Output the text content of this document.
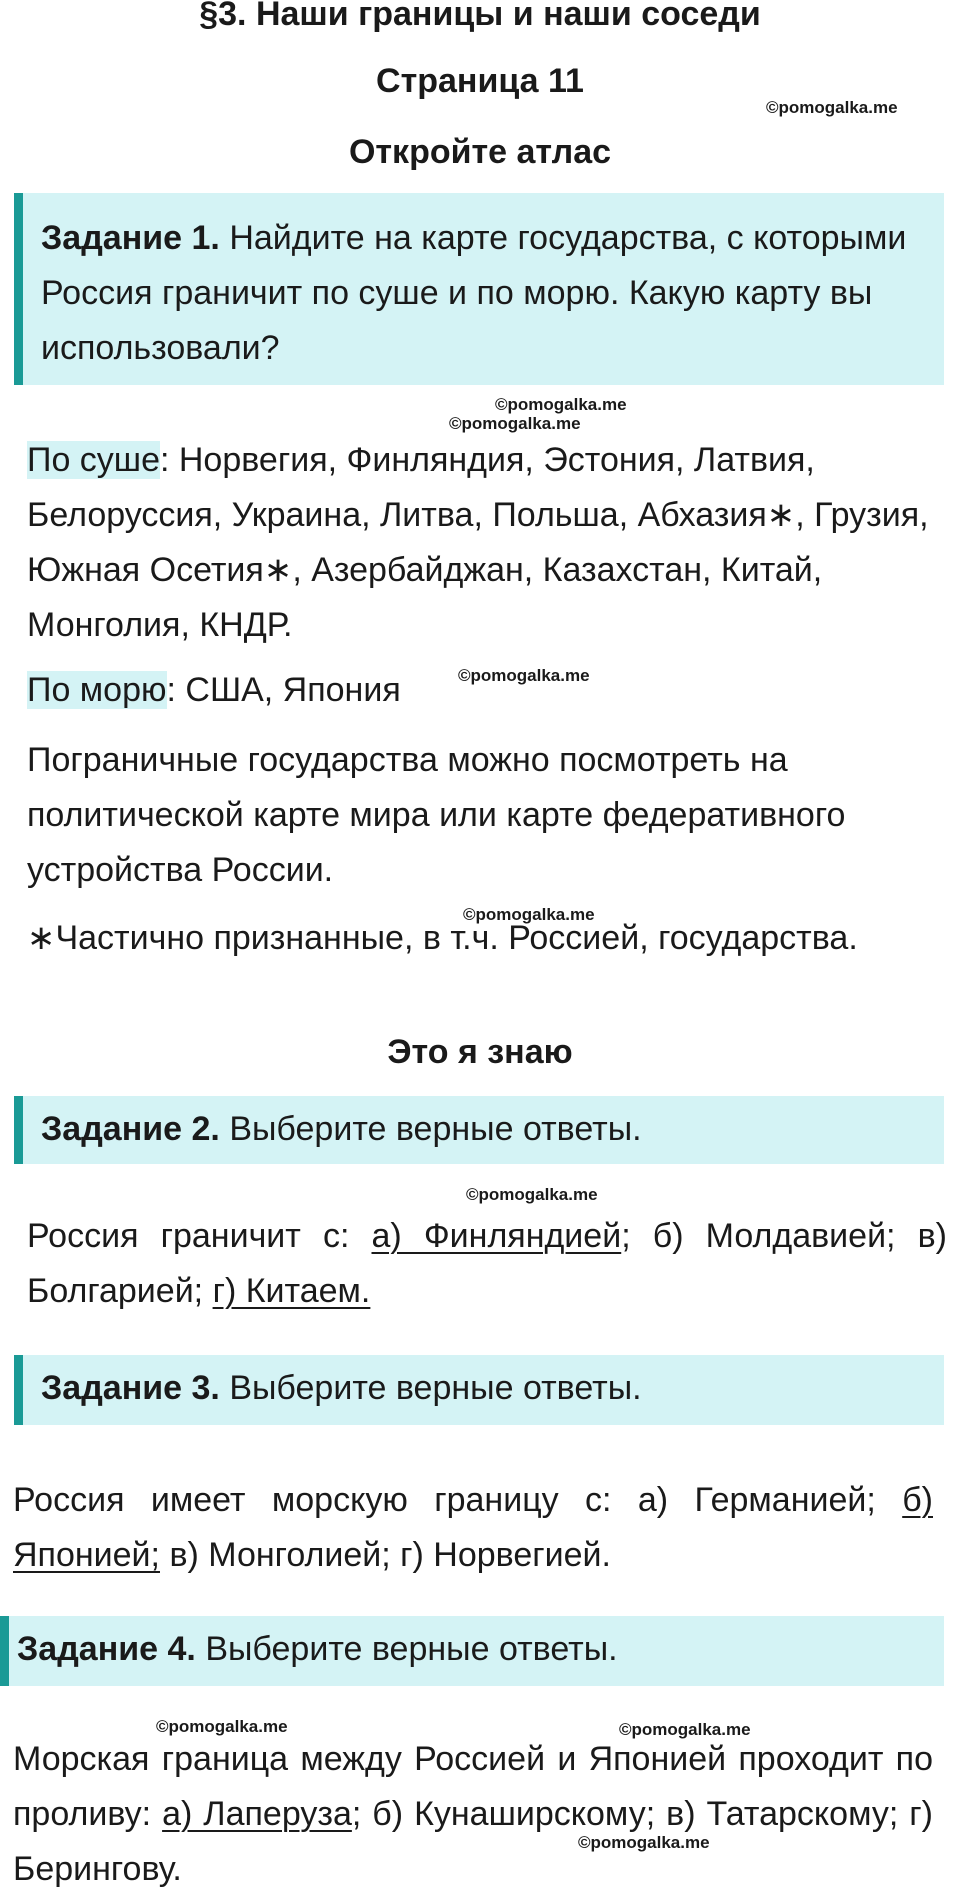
§3. Наши границы и наши соседи
Страница 11
Откройте атлас
©pomogalka.me
Задание 1. Найдите на карте государства, с которыми Россия граничит по суше и по морю. Какую карту вы использовали?
©pomogalka.me
©pomogalka.me
По суше: Норвегия, Финляндия, Эстония, Латвия, Белоруссия, Украина, Литва, Польша, Абхазия∗, Грузия, Южная Осетия∗, Азербайджан, Казахстан, Китай, Монголия, КНДР.
По морю: США, Япония	©pomogalka.me
Пограничные государства можно посмотреть на политической карте мира или карте федеративного устройства России.
©pomogalka.me
∗Частично признанные, в т.ч. Россией, государства.
Это я знаю
Задание 2. Выберите верные ответы.
©pomogalka.me
Россия граничит с: а) Финляндией; б) Молдавией; в) Болгарией; г) Китаем.
Задание 3. Выберите верные ответы.
Россия имеет морскую границу с: а) Германией; б) Японией; в) Монголией; г) Норвегией.
Задание 4. Выберите верные ответы.
©pomogalka.me	©pomogalka.me
©pomogalka.me
Морская граница между Россией и Японией проходит по проливу: а) Лаперуза; б) Кунаширскому; в) Татарскому; г) Берингову.
